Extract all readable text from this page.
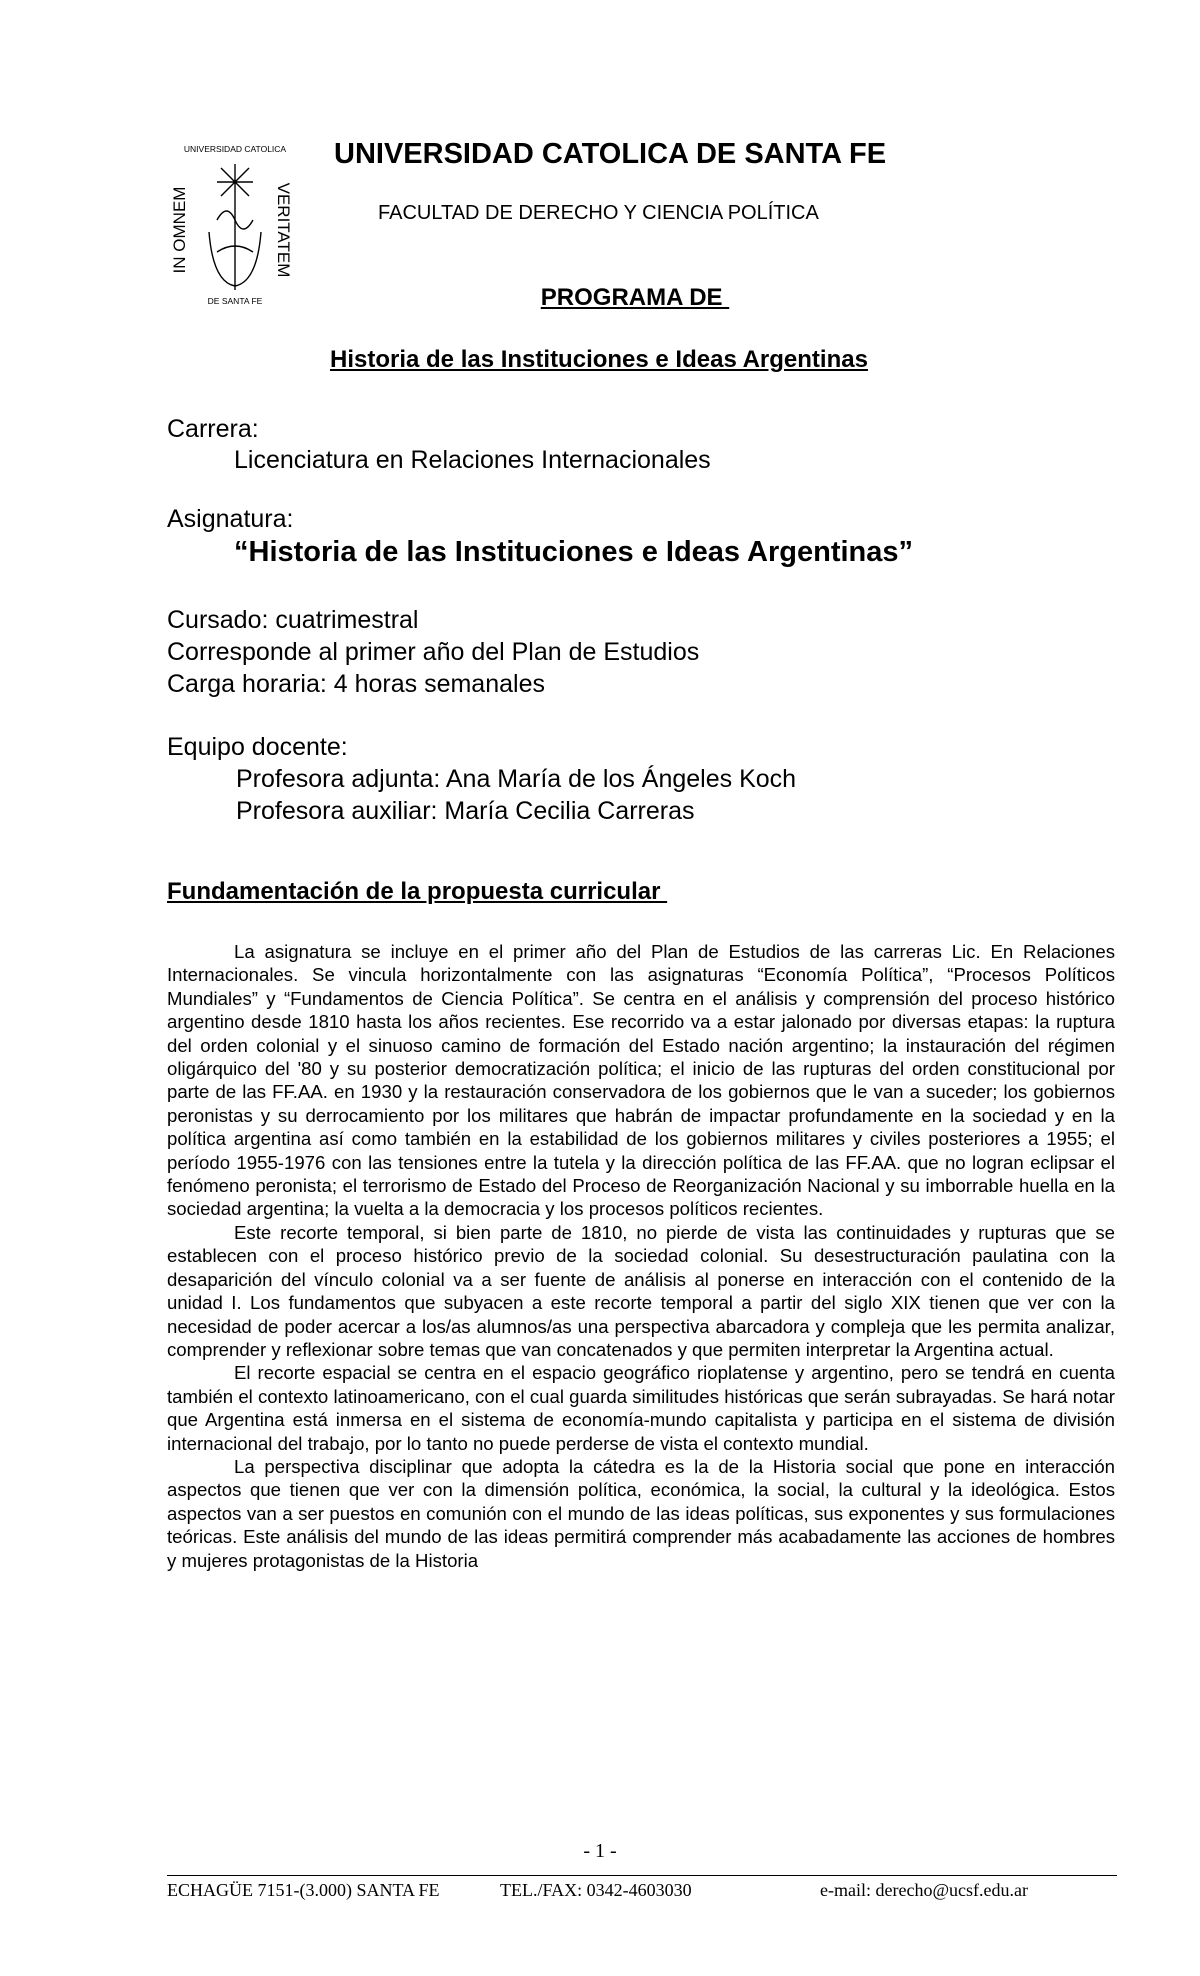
UNIVERSIDAD CATOLICA
IN OMNEM	VERITATEM
DE SANTA FE
UNIVERSIDAD CATOLICA DE SANTA FE
FACULTAD DE DERECHO Y CIENCIA POLÍTICA
PROGRAMA DE
Historia de las Instituciones e Ideas Argentinas
Carrera:
Licenciatura en Relaciones Internacionales
Asignatura:
“Historia de las Instituciones e Ideas Argentinas”
Cursado: cuatrimestral
Corresponde al primer año del Plan de Estudios
Carga horaria: 4 horas semanales
Equipo docente:
Profesora adjunta: Ana María de los Ángeles Koch
Profesora auxiliar: María Cecilia Carreras
Fundamentación de la propuesta curricular

La asignatura se incluye en el primer año del Plan de Estudios de las carreras Lic. En Relaciones Internacionales. Se vincula horizontalmente con las asignaturas “Economía Política”, “Procesos Políticos Mundiales” y “Fundamentos de Ciencia Política”. Se centra en el análisis y comprensión del proceso histórico argentino desde 1810 hasta los años recientes. Ese recorrido va a estar jalonado por diversas etapas: la ruptura del orden colonial y el sinuoso camino de formación del Estado nación argentino; la instauración del régimen oligárquico del '80 y su posterior democratización política; el inicio de las rupturas del orden constitucional por parte de las FF.AA. en 1930 y la restauración conservadora de los gobiernos que le van a suceder; los gobiernos peronistas y su derrocamiento por los militares que habrán de impactar profundamente en la sociedad y en la política argentina así como también en la estabilidad de los gobiernos militares y civiles posteriores a 1955; el período 1955-1976 con las tensiones entre la tutela y la dirección política de las FF.AA. que no logran eclipsar el fenómeno peronista; el terrorismo de Estado del Proceso de Reorganización Nacional y su imborrable huella en la sociedad argentina; la vuelta a la democracia y los procesos políticos recientes.

Este recorte temporal, si bien parte de 1810, no pierde de vista las continuidades y rupturas que se establecen con el proceso histórico previo de la sociedad colonial. Su desestructuración paulatina con la desaparición del vínculo colonial va a ser fuente de análisis al ponerse en interacción con el contenido de la unidad I. Los fundamentos que subyacen a este recorte temporal a partir del siglo XIX tienen que ver con la necesidad de poder acercar a los/as alumnos/as una perspectiva abarcadora y compleja que les permita analizar, comprender y reflexionar sobre temas que van concatenados y que permiten interpretar la Argentina actual.

El recorte espacial se centra en el espacio geográfico rioplatense y argentino, pero se tendrá en cuenta también el contexto latinoamericano, con el cual guarda similitudes históricas que serán subrayadas. Se hará notar que Argentina está inmersa en el sistema de economía-mundo capitalista y participa en el sistema de división internacional del trabajo, por lo tanto no puede perderse de vista el contexto mundial.

La perspectiva disciplinar que adopta la cátedra es la de la Historia social que pone en interacción aspectos que tienen que ver con la dimensión política, económica, la social, la cultural y la ideológica. Estos aspectos van a ser puestos en comunión con el mundo de las ideas políticas, sus exponentes y sus formulaciones teóricas. Este análisis del mundo de las ideas permitirá comprender más acabadamente las acciones de hombres y mujeres protagonistas de la Historia

- 1 -
ECHAGÜE 7151-(3.000) SANTA FE	TEL./FAX: 0342-4603030	e-mail: derecho@ucsf.edu.ar
